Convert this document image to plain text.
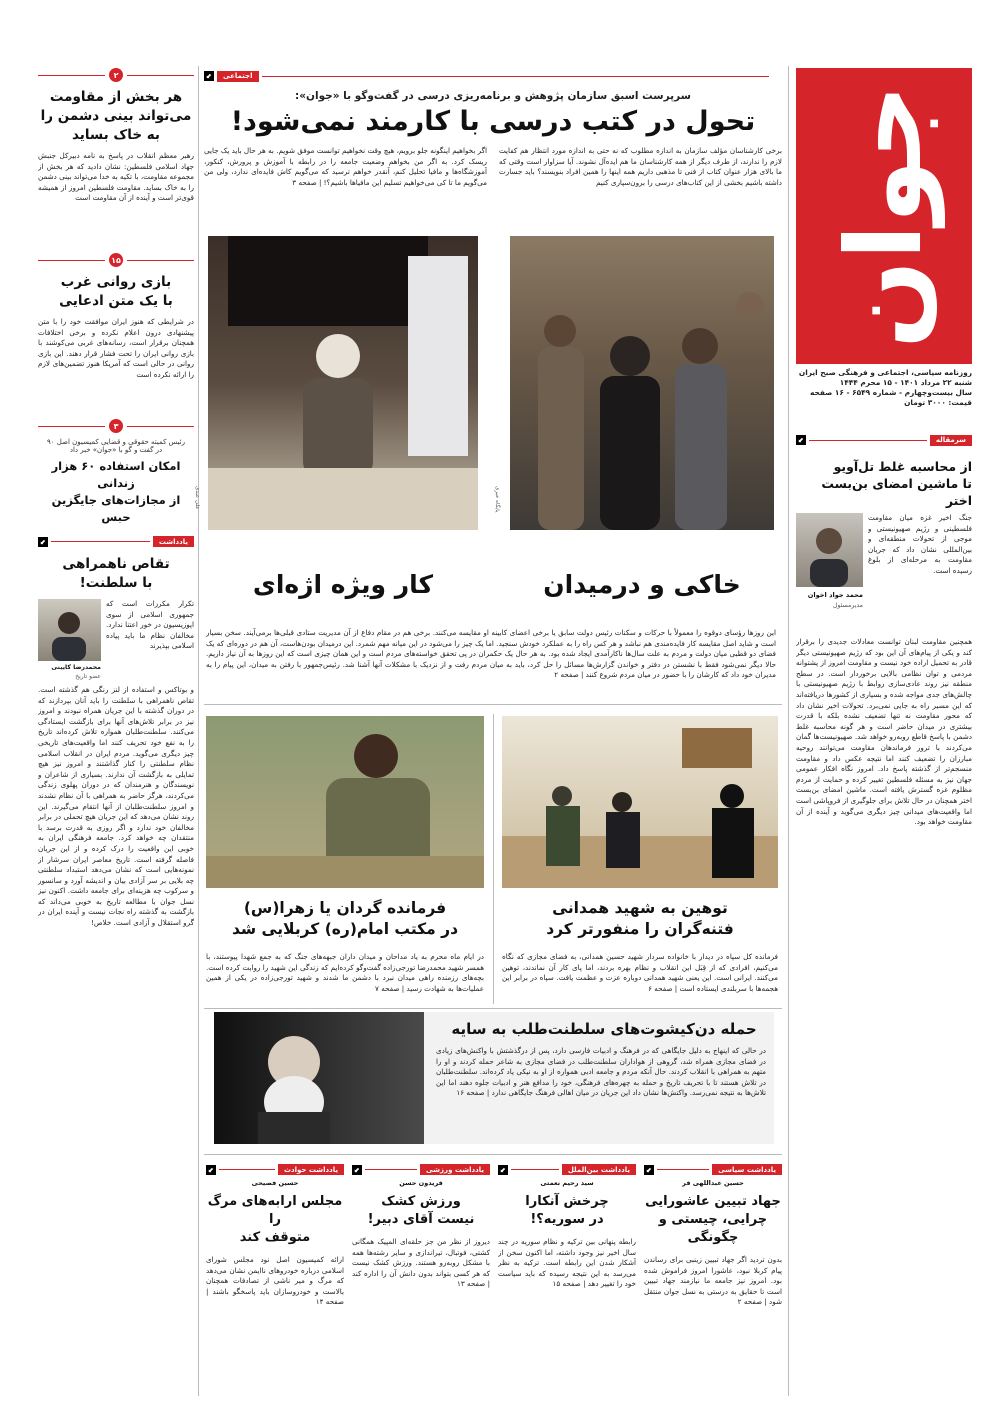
جوان
روزنامه سیاسی، اجتماعی و فرهنگی صبح ایران
شنبه ۲۲ مرداد ۱۴۰۱ - ۱۵ محرم ۱۴۴۴
سال بیست‌وچهارم - شماره ۶۵۴۹ - ۱۶ صفحه
قیمت: ۳۰۰۰ تومان
سرمقاله
⬋
از محاسبه غلط تل‌آویو
تا ماشین امضای بن‌بست اختر
جنگ اخیر غزه میان مقاومت فلسطینی و رژیم صهیونیستی و موجی از تحولات منطقه‌ای و بین‌المللی نشان داد که جریان مقاومت به مرحله‌ای از بلوغ رسیده است.
محمد جواد اخوان
مدیرمسئول
همچنین مقاومت لبنان توانست معادلات جدیدی را برقرار کند و یکی از پیام‌های آن این بود که رژیم صهیونیستی دیگر قادر به تحمیل اراده خود نیست و مقاومت امروز از پشتوانه مردمی و توان نظامی بالایی برخوردار است. در سطح منطقه نیز روند عادی‌سازی روابط با رژیم صهیونیستی با چالش‌های جدی مواجه شده و بسیاری از کشورها دریافته‌اند که این مسیر راه به جایی نمی‌برد. تحولات اخیر نشان داد که محور مقاومت نه تنها تضعیف نشده بلکه با قدرت بیشتری در میدان حاضر است و هر گونه محاسبه غلط دشمن با پاسخ قاطع روبه‌رو خواهد شد. صهیونیست‌ها گمان می‌کردند با ترور فرماندهان مقاومت می‌توانند روحیه مبارزان را تضعیف کنند اما نتیجه عکس داد و مقاومت منسجم‌تر از گذشته پاسخ داد. امروز نگاه افکار عمومی جهان نیز به مسئله فلسطین تغییر کرده و حمایت از مردم مظلوم غزه گسترش یافته است. ماشین امضای بن‌بست اختر همچنان در حال تلاش برای جلوگیری از فروپاشی است اما واقعیت‌های میدانی چیز دیگری می‌گوید و آینده از آن مقاومت خواهد بود.
اجتماعی
⬋
سرپرست اسبق سازمان پژوهش و برنامه‌ریزی درسی در گفت‌وگو با «جوان»:
تحول در کتب درسی با کارمند نمی‌شود!
برخی کارشناسان مؤلف سازمان به اندازه مطلوب که نه حتی به اندازه مورد انتظار هم کفایت لازم را ندارند، از طرف دیگر از همه کارشناسان ما هم ایده‌آل نشوند. آیا سزاوار است وقتی که ما بالای هزار عنوان کتاب از فنی تا مذهبی داریم همه اینها را همین افراد بنویسند؟ باید جسارت داشته باشیم بخشی از این کتاب‌های درسی را برون‌سپاری کنیم
اگر بخواهیم اینگونه جلو برویم، هیچ وقت نخواهیم توانست موفق شویم. به هر حال باید یک جایی ریسک کرد. به اگر من بخواهم وضعیت جامعه را در رابطه با آموزش و پرورش، کنکور، آموزشگاه‌ها و مافیا تحلیل کنم، آنقدر خواهم ترسید که می‌گویم کاش فایده‌ای ندارد، ولی من می‌گویم ما تا کی می‌خواهیم تسلیم این مافیاها باشیم؟! | صفحه ۳
پایگاه خبری
خاکی و درمیدان
علی عبدی
کار ویژه اژه‌ای
این روزها رؤسای دوقوه را معمولاً با حرکات و سکنات رئیس دولت سابق یا برخی اعضای کابینه او مقایسه می‌کنند. برخی هم در مقام دفاع از آن مدیریت ستادی قبلی‌ها برمی‌آیند. سخن بسیار است و شاید اصل مقایسه کار فایده‌مندی هم نباشد و هر کس راه را به عملکرد خودش سنجید. اما یک چیز را می‌شود در این میانه مهم شمرد. این درمیدان بودن‌هاست، آن هم در دوره‌ای که یک فضای دو قطبی میان دولت و مردم به علت سال‌ها ناکارآمدی ایجاد شده بود. به هر حال یک حکمران در پی تحقق خواسته‌های مردم است و این همان چیزی است که این روزها به آن نیاز داریم. حالا دیگر نمی‌شود فقط با نشستن در دفتر و خواندن گزارش‌ها مسائل را حل کرد، باید به میان مردم رفت و از نزدیک با مشکلات آنها آشنا شد. رئیس‌جمهور با رفتن به میدان، این پیام را به مدیران خود داد که کارشان را با حضور در میان مردم شروع کنند | صفحه ۲
توهین به شهید همدانی
فتنه‌گران را منفورتر کرد
فرمانده کل سپاه در دیدار با خانواده سردار شهید حسین همدانی، به فضای مجازی که نگاه می‌کنیم، افرادی که از قِبَل این انقلاب و نظام بهره بردند، اما پای کار آن نماندند، توهین می‌کنند. ایرانی است. این یعنی شهید همدانی دوباره عزت و عظمت یافت. سپاه در برابر این هجمه‌ها با سربلندی ایستاده است | صفحه ۶
فرمانده گردان یا زهرا(س)
در مکتب امام(ره) کربلایی شد
در ایام ماه محرم به یاد مداحان و میدان داران جبهه‌های جنگ که به جمع شهدا پیوستند، با همسر شهید محمدرضا تورجی‌زاده گفت‌وگو کرده‌ایم که زندگی این شهید را روایت کرده است. بچه‌های رزمنده راهی میدان نبرد با دشمن ما شدند و شهید تورجی‌زاده در یکی از همین عملیات‌ها به شهادت رسید | صفحه ۷
حمله دن‌کیشوت‌های سلطنت‌طلب به سایه
در حالی که اینهاج به دلیل جایگاهی که در فرهنگ و ادبیات فارسی دارد، پس از درگذشتش با واکنش‌های زیادی در فضای مجازی همراه شد، گروهی از هواداران سلطنت‌طلب در فضای مجازی به شاعر حمله کردند و او را متهم به همراهی با انقلاب کردند. حال آنکه مردم و جامعه ادبی همواره از او به نیکی یاد کرده‌اند. سلطنت‌طلبان در تلاش هستند تا با تحریف تاریخ و حمله به چهره‌های فرهنگی، خود را مدافع هنر و ادبیات جلوه دهند اما این تلاش‌ها به نتیجه نمی‌رسد. واکنش‌ها نشان داد این جریان در میان اهالی فرهنگ جایگاهی ندارد | صفحه ۱۶
یادداشت سیاسی
⬋
حسین عبداللهی فر
جهاد تبیین عاشورایی
چرایی، چیستی و چگونگی
بدون تردید اگر جهاد تبیین زینبی برای رساندن پیام کربلا نبود، عاشورا امروز فراموش شده بود. امروز نیز جامعه ما نیازمند جهاد تبیین است تا حقایق به درستی به نسل جوان منتقل شود | صفحه ۲
یادداشت بین‌الملل
⬋
سید رحیم نعمتی
چرخش آنکارا
در سوریه؟!
رابطه پنهانی بین ترکیه و نظام سوریه در چند سال اخیر نیز وجود داشته، اما اکنون سخن از آشکار شدن این رابطه است. ترکیه به نظر می‌رسد به این نتیجه رسیده که باید سیاست خود را تغییر دهد | صفحه ۱۵
یادداشت ورزشی
⬋
فریدون حسن
ورزش کشک
نیست آقای دبیر!
دیروز از نظر من جز حلقه‌ای المپیک همگانی کشتی، فوتبال، تیراندازی و سایر رشته‌ها همه با مشکل روبه‌رو هستند. ورزش کشک نیست که هر کسی بتواند بدون دانش آن را اداره کند | صفحه ۱۳
یادداشت حوادث
⬋
حسین فصیحی
مجلس ارابه‌های مرگ را
متوقف کند
ارائه کمیسیون اصل نود مجلس شورای اسلامی درباره خودروهای ناایمن نشان می‌دهد که مرگ و میر ناشی از تصادفات همچنان بالاست و خودروسازان باید پاسخگو باشند | صفحه ۱۴
۲
هر بخش از مقاومت
می‌تواند بینی دشمن را
به خاک بساید
رهبر معظم انقلاب در پاسخ به نامه دبیرکل جنبش جهاد اسلامی فلسطین: نشان دادید که هر بخش از مجموعه مقاومت، با تکیه به خدا می‌تواند بینی دشمن را به خاک بساید. مقاومت فلسطین امروز از همیشه قوی‌تر است و آینده از آن مقاومت است
۱۵
بازی روانی غرب
با یک متن ادعایی
در شرایطی که هنوز ایران موافقت خود را با متن پیشنهادی درون اعلام نکرده و برخی اختلافات همچنان برقرار است، رسانه‌های غربی می‌کوشند با بازی روانی ایران را تحت فشار قرار دهند. این بازی روانی در حالی است که آمریکا هنوز تضمین‌های لازم را ارائه نکرده است
۳
رئیس کمیته حقوقی و قضایی کمیسیون اصل ۹۰
در گفت و گو با «جوان» خبر داد
امکان استفاده ۶۰ هزار زندانی
از مجازات‌های جایگزین حبس
یادداشت
⬋
تقاص ناهمراهی
با سلطنت!
تکرار مکررات است که جمهوری اسلامی از سوی اپوزیسیون در خور اعتنا ندارد. مخالفان نظام ما باید پیاده اسلامی بپذیرند
محمدرضا کایینی
عضو تاریخ
و بوتاکس و استفاده از لنز رنگی هم گذشته است. تقاص ناهمراهی با سلطنت را باید آنان بپردازند که در دوران گذشته با این جریان همراه نبودند و امروز نیز در برابر تلاش‌های آنها برای بازگشت ایستادگی می‌کنند. سلطنت‌طلبان همواره تلاش کرده‌اند تاریخ را به نفع خود تحریف کنند اما واقعیت‌های تاریخی چیز دیگری می‌گوید. مردم ایران در انقلاب اسلامی نظام سلطنتی را کنار گذاشتند و امروز نیز هیچ تمایلی به بازگشت آن ندارند. بسیاری از شاعران و نویسندگان و هنرمندان که در دوران پهلوی زندگی می‌کردند، هرگز حاضر به همراهی با آن نظام نشدند و امروز سلطنت‌طلبان از آنها انتقام می‌گیرند. این روند نشان می‌دهد که این جریان هیچ تحملی در برابر مخالفان خود ندارد و اگر روزی به قدرت برسد با منتقدان چه خواهد کرد. جامعه فرهنگی ایران به خوبی این واقعیت را درک کرده و از این جریان فاصله گرفته است. تاریخ معاصر ایران سرشار از نمونه‌هایی است که نشان می‌دهد استبداد سلطنتی چه بلایی بر سر آزادی بیان و اندیشه آورد و سانسور و سرکوب چه هزینه‌ای برای جامعه داشت. اکنون نیز نسل جوان با مطالعه تاریخ به خوبی می‌داند که بازگشت به گذشته راه نجات نیست و آینده ایران در گرو استقلال و آزادی است. خلاص!
